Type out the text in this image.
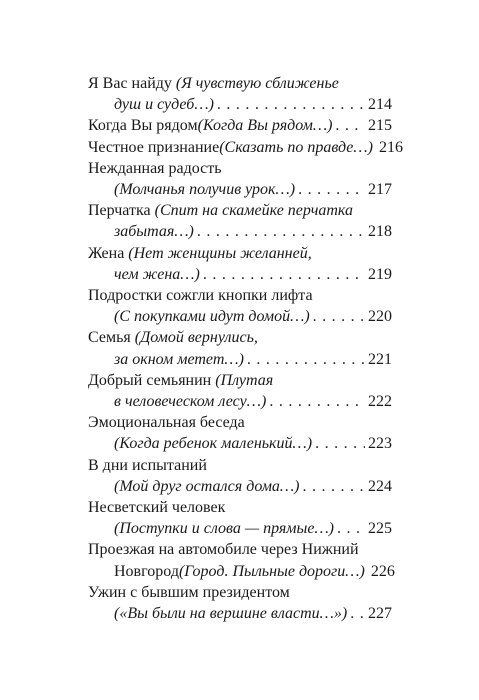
Я Вас найду (Я чувствую сближенье
душ и судеб…) . . .	214
Когда Вы рядом (Когда Вы рядом…) . . . 215
Честное признание (Сказать по правде…) 216
Нежданная радость
(Молчанья получив урок…) . . .	217
Перчатка (Спит на скамейке перчатка
забытая…) . . .	218
Жена (Нет женщины желанней,
чем жена…) . . .	219
Подростки сожгли кнопки лифта
(С покупками идут домой…) . . .	220
Семья (Домой вернулись,
за окном метет…) . . .	221
Добрый семьянин (Плутая
в человеческом лесу…) . . .	222
Эмоциональная беседа
(Когда ребенок маленький…) . . .	223
В дни испытаний
(Мой друг остался дома…) . . .	224
Несветский человек
(Поступки и слова — прямые…) . . . 225
Проезжая на автомобиле через Нижний
Новгород (Город. Пыльные дороги…) 226
Ужин с бывшим президентом
(«Вы были на вершине власти…») . . . 227
